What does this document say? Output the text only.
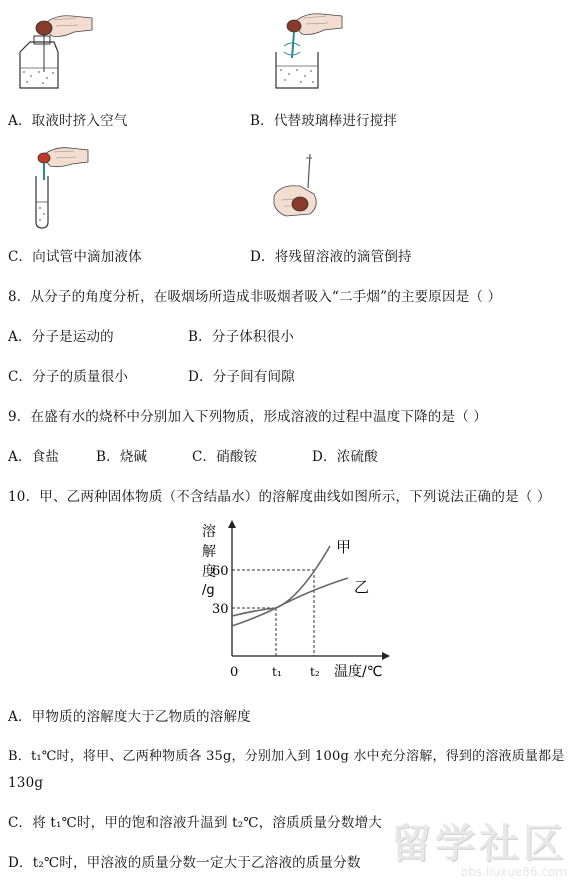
A．取液时挤入空气	B．代替玻璃棒进行搅拌
C．向试管中滴加液体	D．将残留溶液的滴管倒持
8．从分子的角度分析，在吸烟场所造成非吸烟者吸入“二手烟”的主要原因是（ ）
A．分子是运动的	B．分子体积很小
C．分子的质量很小	D．分子间有间隙
9．在盛有水的烧杯中分别加入下列物质，形成溶液的过程中温度下降的是（ ）
A．食盐	B．烧碱	C．硝酸铵	D．浓硫酸
10．甲、乙两种固体物质（不含结晶水）的溶解度曲线如图所示，下列说法正确的是（ ）
溶
解
度
/g
60
30
0	t₁ t₂ 温度/℃
甲
乙
A．甲物质的溶解度大于乙物质的溶解度
B．t₁℃时，将甲、乙两种物质各 35g，分别加入到 100g 水中充分溶解，得到的溶液质量都是
130g
C．将 t₁℃时，甲的饱和溶液升温到 t₂℃，溶质质量分数增大
D．t₂℃时，甲溶液的质量分数一定大于乙溶液的质量分数 留学社区
bbs.liuxue86.com
